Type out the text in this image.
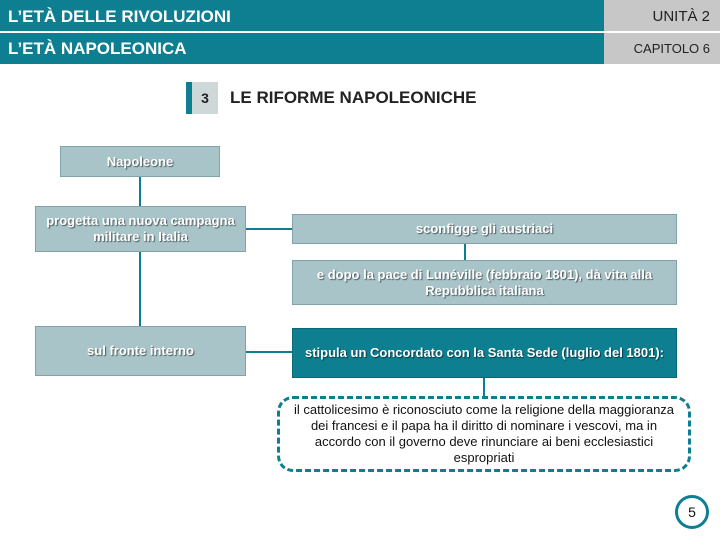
L’ETÀ DELLE RIVOLUZIONI
L’ETÀ NAPOLEONICA
UNITÀ 2
CAPITOLO 6
3	LE RIFORME NAPOLEONICHE
Napoleone
progetta una nuova campagna militare in Italia
sconfigge gli austriaci
e dopo la pace di Lunéville (febbraio 1801), dà vita alla Repubblica italiana
sul fronte interno	stipula un Concordato con la Santa Sede (luglio del 1801):
il cattolicesimo è riconosciuto come la religione della maggioranza dei francesi e il papa ha il diritto di nominare i vescovi, ma in accordo con il governo deve rinunciare ai beni ecclesiastici espropriati
5
